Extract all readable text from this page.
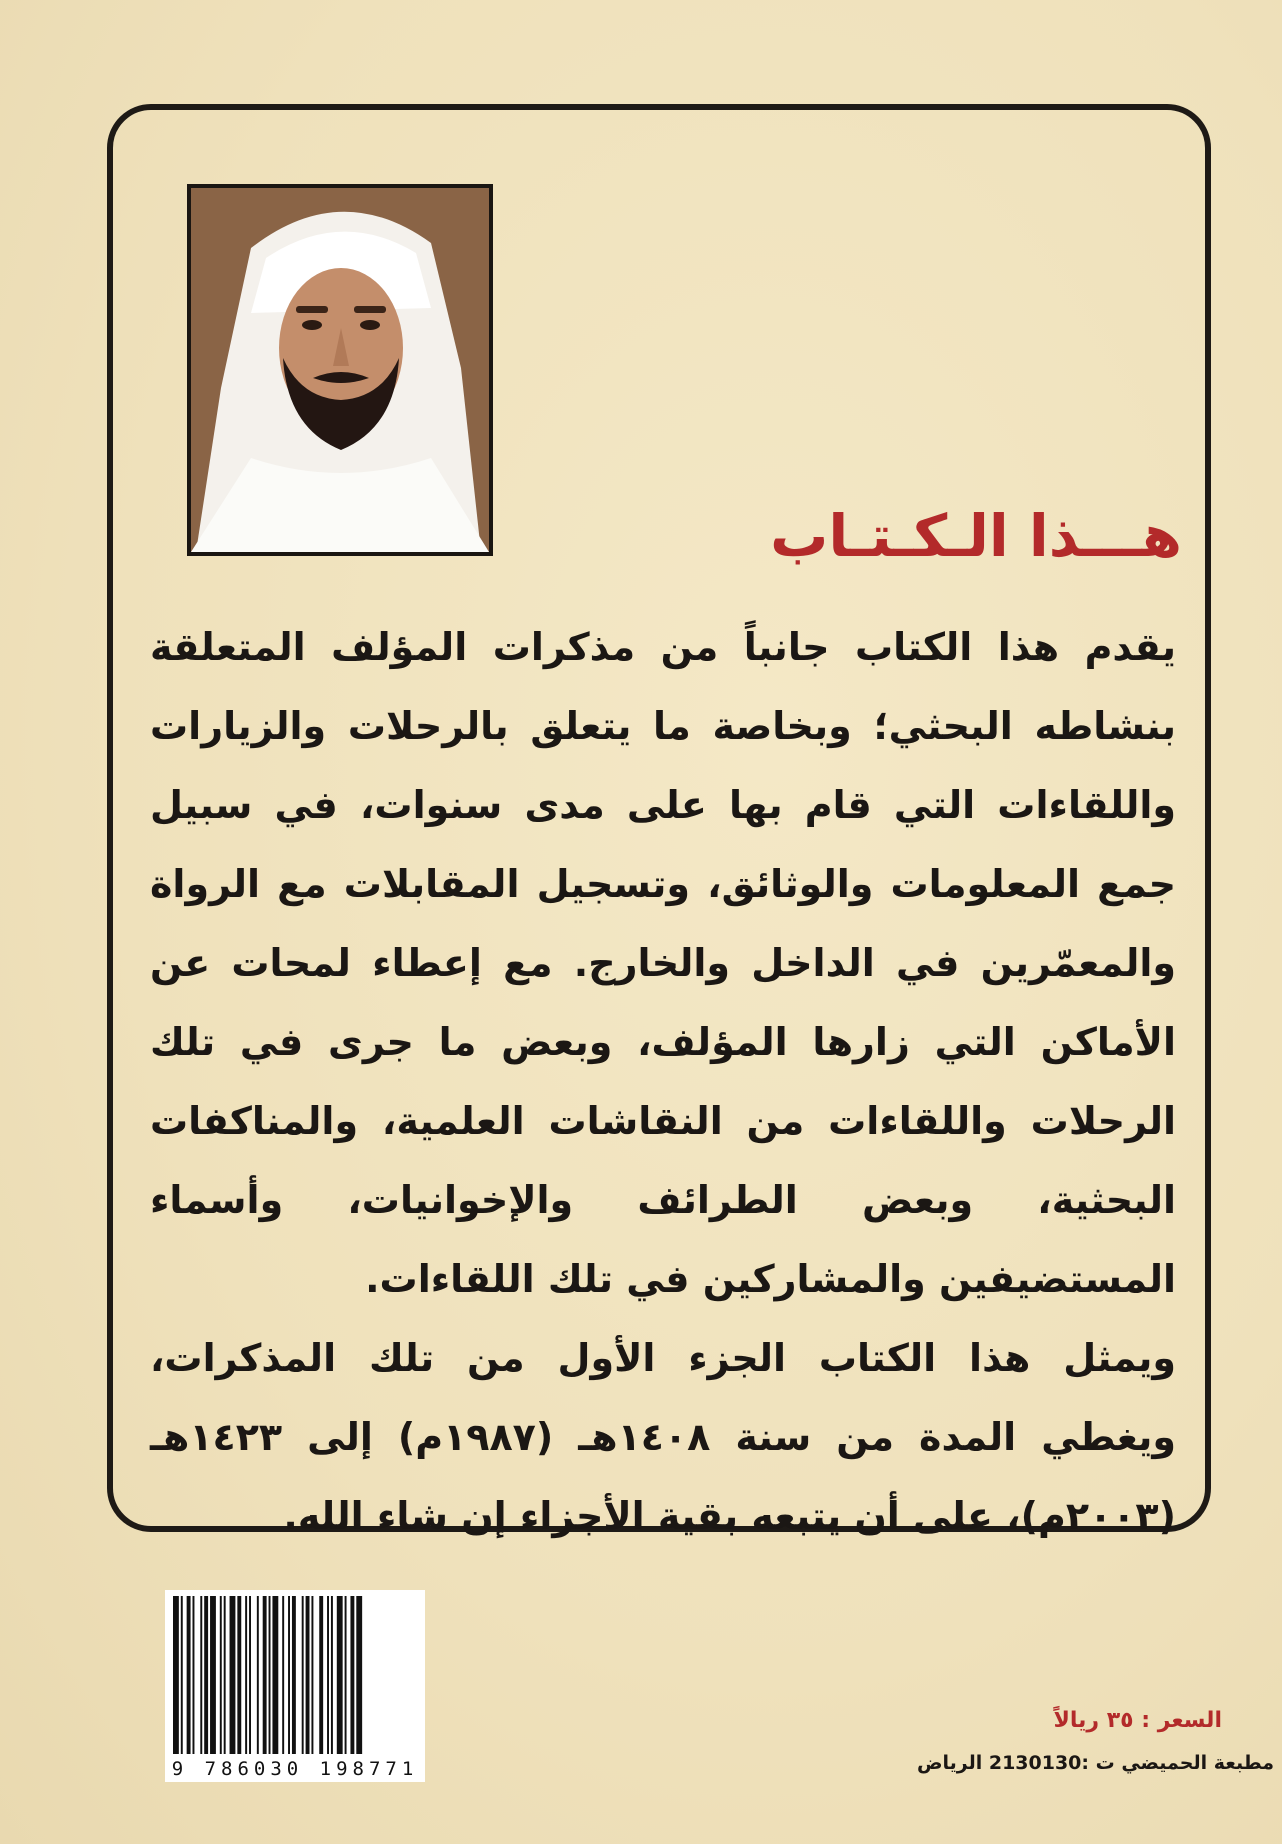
هـــذا الـكـتـاب

يقدم هذا الكتاب جانباً من مذكرات المؤلف المتعلقة بنشاطه البحثي؛ وبخاصة ما يتعلق بالرحلات والزيارات واللقاءات التي قام بها على مدى سنوات، في سبيل جمع المعلومات والوثائق، وتسجيل المقابلات مع الرواة والمعمّرين في الداخل والخارج. مع إعطاء لمحات عن الأماكن التي زارها المؤلف، وبعض ما جرى في تلك الرحلات واللقاءات من النقاشات العلمية، والمناكفات البحثية، وبعض الطرائف والإخوانيات، وأسماء المستضيفين والمشاركين في تلك اللقاءات.

ويمثل هذا الكتاب الجزء الأول من تلك المذكرات، ويغطي المدة من سنة ١٤٠٨هـ (١٩٨٧م) إلى ١٤٢٣هـ (٢٠٠٣م)، على أن يتبعه بقية الأجزاء إن شاء الله.

9 786030 198771
السعر : ٣٥ ريالاً
مطبعة الحميضي ت :2130130 الرياض
